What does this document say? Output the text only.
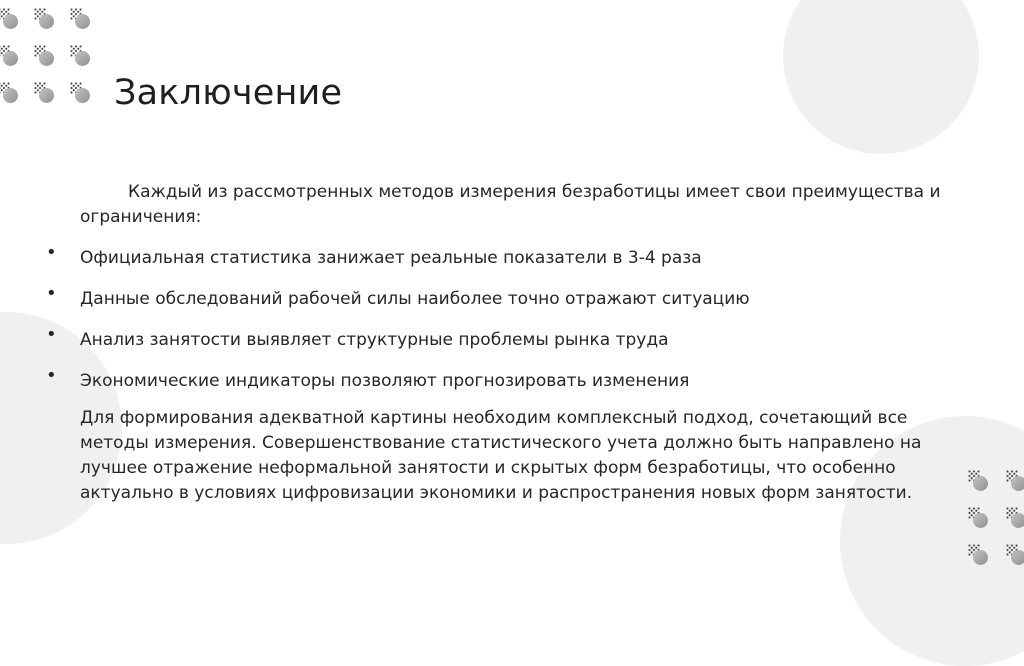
Заключение

Каждый из рассмотренных методов измерения безработицы имеет свои преимущества и ограничения:

• Официальная статистика занижает реальные показатели в 3-4 раза
• Данные обследований рабочей силы наиболее точно отражают ситуацию
• Анализ занятости выявляет структурные проблемы рынка труда
• Экономические индикаторы позволяют прогнозировать изменения

Для формирования адекватной картины необходим комплексный подход, сочетающий все методы измерения. Совершенствование статистического учета должно быть направлено на лучшее отражение неформальной занятости и скрытых форм безработицы, что особенно актуально в условиях цифровизации экономики и распространения новых форм занятости.
